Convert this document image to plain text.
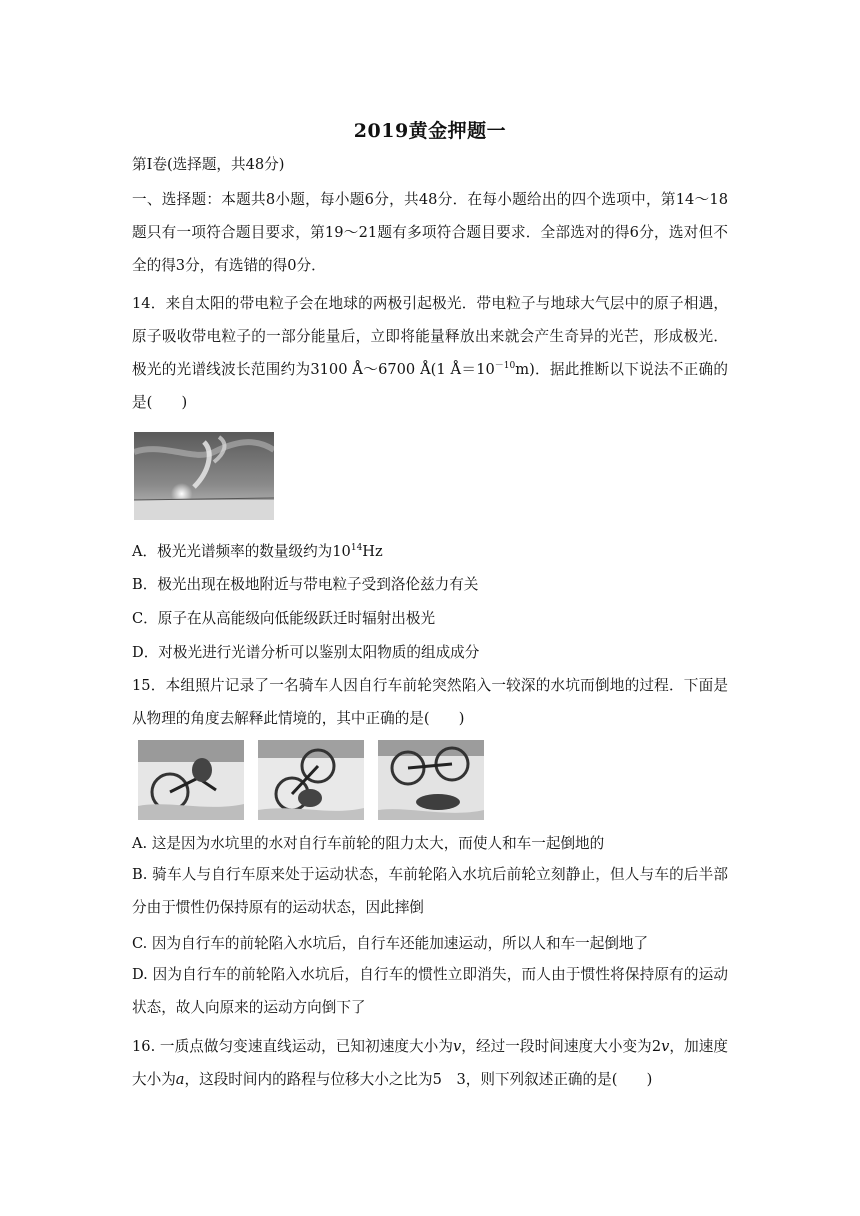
2019黄金押题一
第Ⅰ卷(选择题，共48分)
一、选择题：本题共8小题，每小题6分，共48分．在每小题给出的四个选项中，第14～18题只有一项符合题目要求，第19～21题有多项符合题目要求．全部选对的得6分，选对但不全的得3分，有选错的得0分．
14．来自太阳的带电粒子会在地球的两极引起极光．带电粒子与地球大气层中的原子相遇，原子吸收带电粒子的一部分能量后，立即将能量释放出来就会产生奇异的光芒，形成极光．极光的光谱线波长范围约为3100 Å～6700 Å(1 $Å=10^{-10}m$)．据此推断以下说法不正确的是(　　)
A．极光光谱频率的数量级约为$10^{14}Hz$
B．极光出现在极地附近与带电粒子受到洛伦兹力有关
C．原子在从高能级向低能级跃迁时辐射出极光
D．对极光进行光谱分析可以鉴别太阳物质的组成成分
15．本组照片记录了一名骑车人因自行车前轮突然陷入一较深的水坑而倒地的过程．下面是从物理的角度去解释此情境的，其中正确的是(　　)
A. 这是因为水坑里的水对自行车前轮的阻力太大，而使人和车一起倒地的
B. 骑车人与自行车原来处于运动状态，车前轮陷入水坑后前轮立刻静止，但人与车的后半部分由于惯性仍保持原有的运动状态，因此摔倒
C. 因为自行车的前轮陷入水坑后，自行车还能加速运动，所以人和车一起倒地了
D. 因为自行车的前轮陷入水坑后，自行车的惯性立即消失，而人由于惯性将保持原有的运动状态，故人向原来的运动方向倒下了
16. 一质点做匀变速直线运动，已知初速度大小为v，经过一段时间速度大小变为2v，加速度大小为a，这段时间内的路程与位移大小之比为5　3，则下列叙述正确的是(　　)
